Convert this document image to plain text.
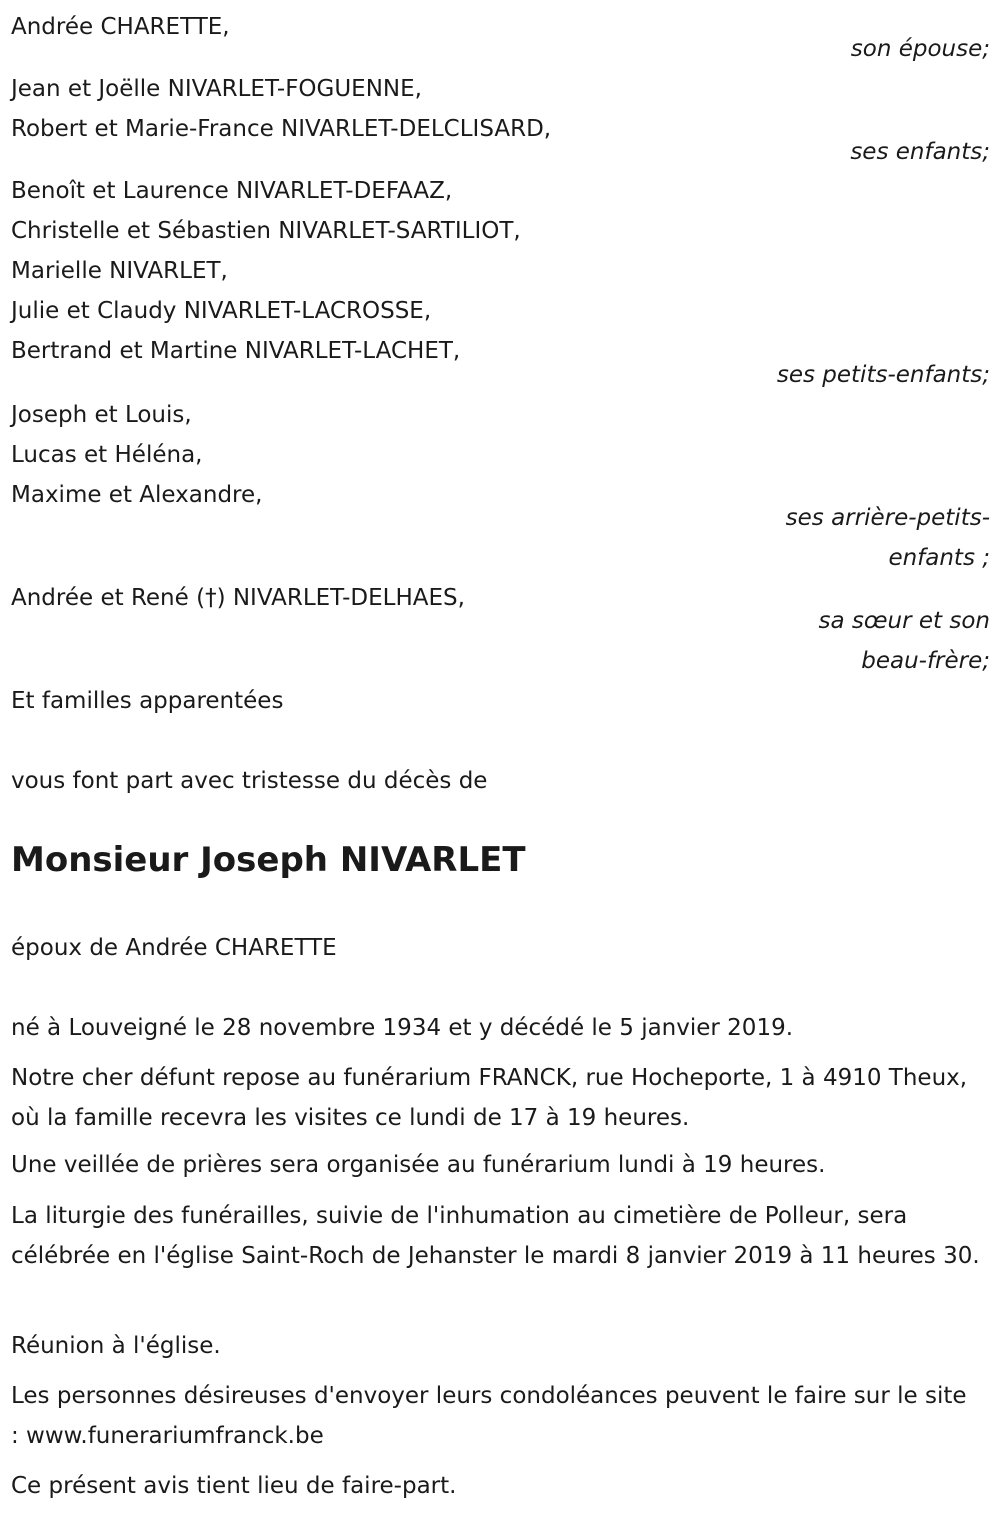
Andrée CHARETTE,
son épouse;
Jean et Joëlle NIVARLET-FOGUENNE,
Robert et Marie-France NIVARLET-DELCLISARD,
ses enfants;
Benoît et Laurence NIVARLET-DEFAAZ,
Christelle et Sébastien NIVARLET-SARTILIOT,
Marielle NIVARLET,
Julie et Claudy NIVARLET-LACROSSE,
Bertrand et Martine NIVARLET-LACHET,
ses petits-enfants;
Joseph et Louis,
Lucas et Héléna,
Maxime et Alexandre,
ses arrière-petits-
enfants ;
Andrée et René (†) NIVARLET-DELHAES,
sa sœur et son
beau-frère;
Et familles apparentées
vous font part avec tristesse du décès de
Monsieur Joseph NIVARLET
époux de Andrée CHARETTE
né à Louveigné le 28 novembre 1934 et y décédé le 5 janvier 2019.
Notre cher défunt repose au funérarium FRANCK, rue Hocheporte, 1 à 4910 Theux, où la famille recevra les visites ce lundi de 17 à 19 heures.
Une veillée de prières sera organisée au funérarium lundi à 19 heures.
La liturgie des funérailles, suivie de l'inhumation au cimetière de Polleur, sera célébrée en l'église Saint-Roch de Jehanster le mardi 8 janvier 2019 à 11 heures 30.
Réunion à l'église.
Les personnes désireuses d'envoyer leurs condoléances peuvent le faire sur le site : www.funerariumfranck.be
Ce présent avis tient lieu de faire-part.
